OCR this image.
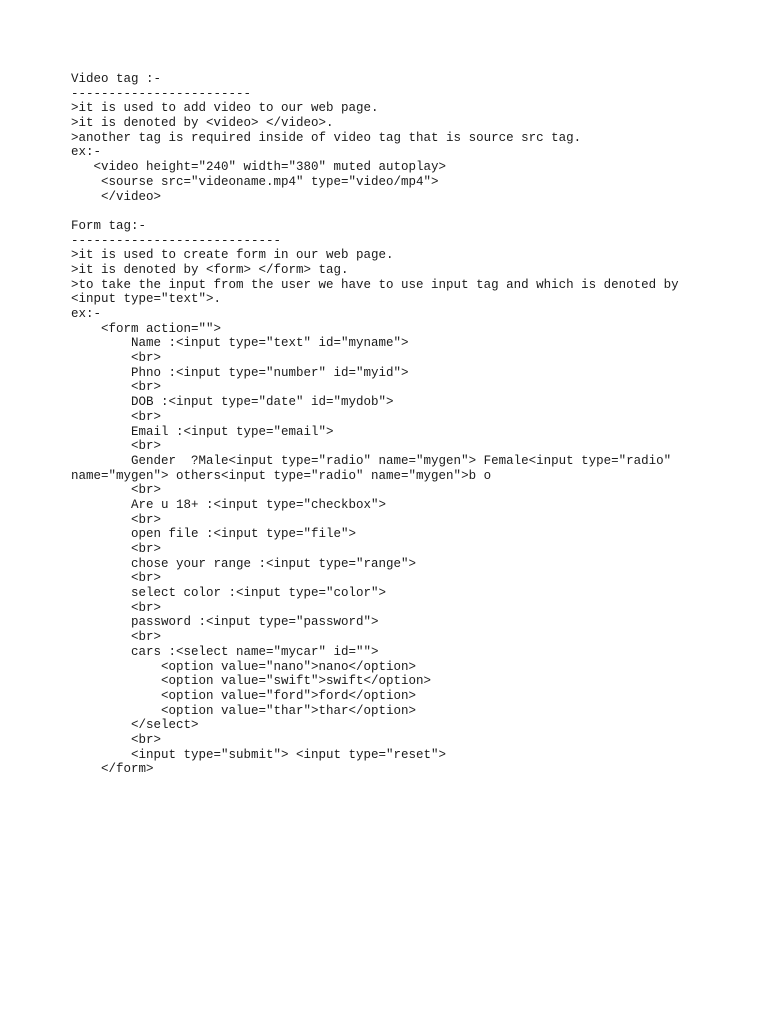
Video tag :-
------------------------
>it is used to add video to our web page.
>it is denoted by <video> </video>.
>another tag is required inside of video tag that is source src tag.
ex:-
<video height="240" width="380" muted autoplay>
<sourse src="videoname.mp4" type="video/mp4">
</video>
Form tag:-
----------------------------
>it is used to create form in our web page.
>it is denoted by <form> </form> tag.
>to take the input from the user we have to use input tag and which is denoted by
<input type="text">.
ex:-
<form action="">
Name :<input type="text" id="myname">
<br>
Phno :<input type="number" id="myid">
<br>
DOB :<input type="date" id="mydob">
<br>
Email :<input type="email">
<br>
Gender  ?Male<input type="radio" name="mygen"> Female<input type="radio"
name="mygen"> others<input type="radio" name="mygen">b o
<br>
Are u 18+ :<input type="checkbox">
<br>
open file :<input type="file">
<br>
chose your range :<input type="range">
<br>
select color :<input type="color">
<br>
password :<input type="password">
<br>
cars :<select name="mycar" id="">
<option value="nano">nano</option>
<option value="swift">swift</option>
<option value="ford">ford</option>
<option value="thar">thar</option>
</select>
<br>
<input type="submit"> <input type="reset">
</form>
